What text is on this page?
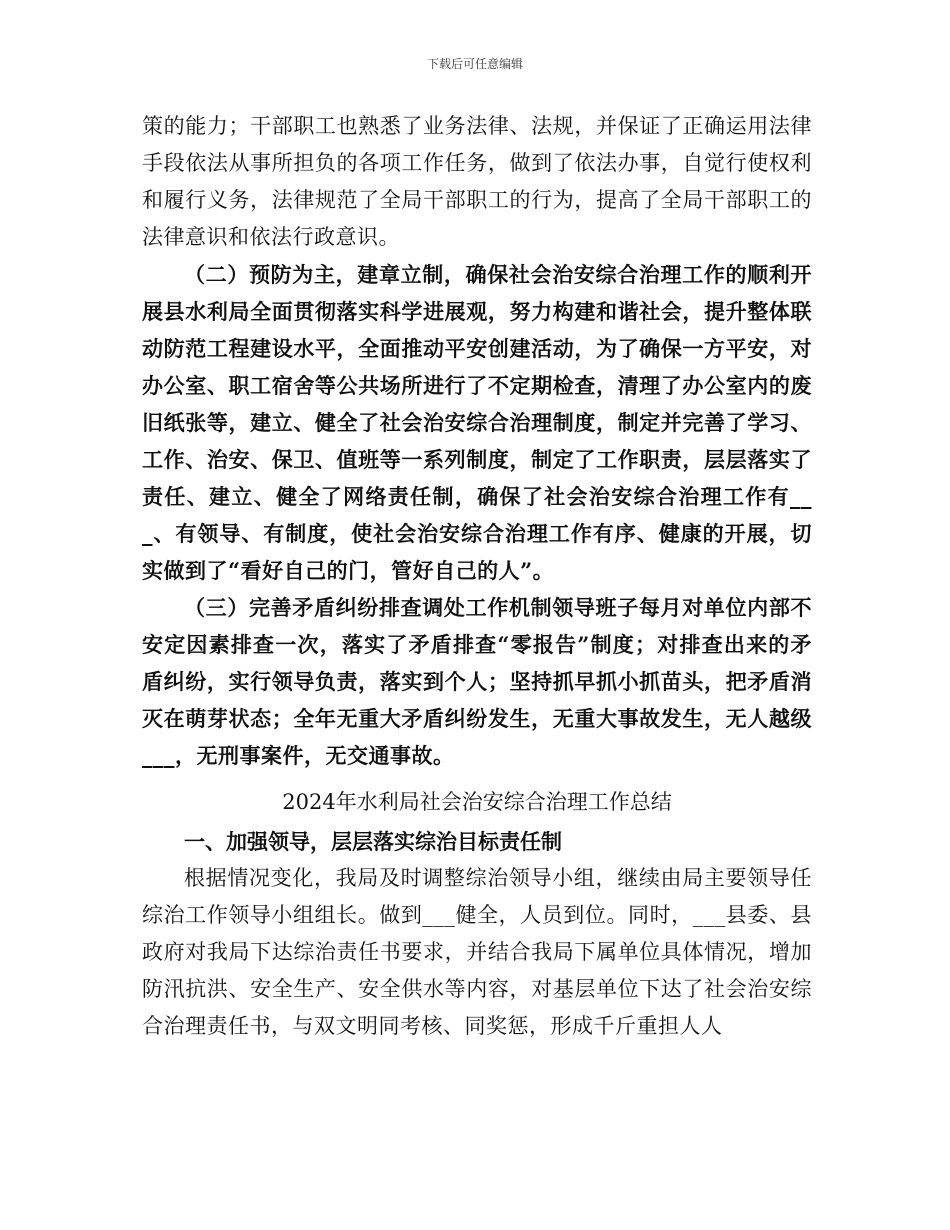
下载后可任意编辑

策的能力；干部职工也熟悉了业务法律、法规，并保证了正确运用法律手段依法从事所担负的各项工作任务，做到了依法办事，自觉行使权利和履行义务，法律规范了全局干部职工的行为，提高了全局干部职工的法律意识和依法行政意识。

（二）预防为主，建章立制，确保社会治安综合治理工作的顺利开展县水利局全面贯彻落实科学进展观，努力构建和谐社会，提升整体联动防范工程建设水平，全面推动平安创建活动，为了确保一方平安，对办公室、职工宿舍等公共场所进行了不定期检查，清理了办公室内的废旧纸张等，建立、健全了社会治安综合治理制度，制定并完善了学习、工作、治安、保卫、值班等一系列制度，制定了工作职责，层层落实了责任、建立、健全了网络责任制，确保了社会治安综合治理工作有___、有领导、有制度，使社会治安综合治理工作有序、健康的开展，切实做到了“看好自己的门，管好自己的人”。

（三）完善矛盾纠纷排查调处工作机制领导班子每月对单位内部不安定因素排查一次，落实了矛盾排查“零报告”制度；对排查出来的矛盾纠纷，实行领导负责，落实到个人；坚持抓早抓小抓苗头，把矛盾消灭在萌芽状态；全年无重大矛盾纠纷发生，无重大事故发生，无人越级___，无刑事案件，无交通事故。

2024年水利局社会治安综合治理工作总结

一、加强领导，层层落实综治目标责任制

根据情况变化，我局及时调整综治领导小组，继续由局主要领导任综治工作领导小组组长。做到___健全，人员到位。同时，___县委、县政府对我局下达综治责任书要求，并结合我局下属单位具体情况，增加防汛抗洪、安全生产、安全供水等内容，对基层单位下达了社会治安综合治理责任书，与双文明同考核、同奖惩，形成千斤重担人人
